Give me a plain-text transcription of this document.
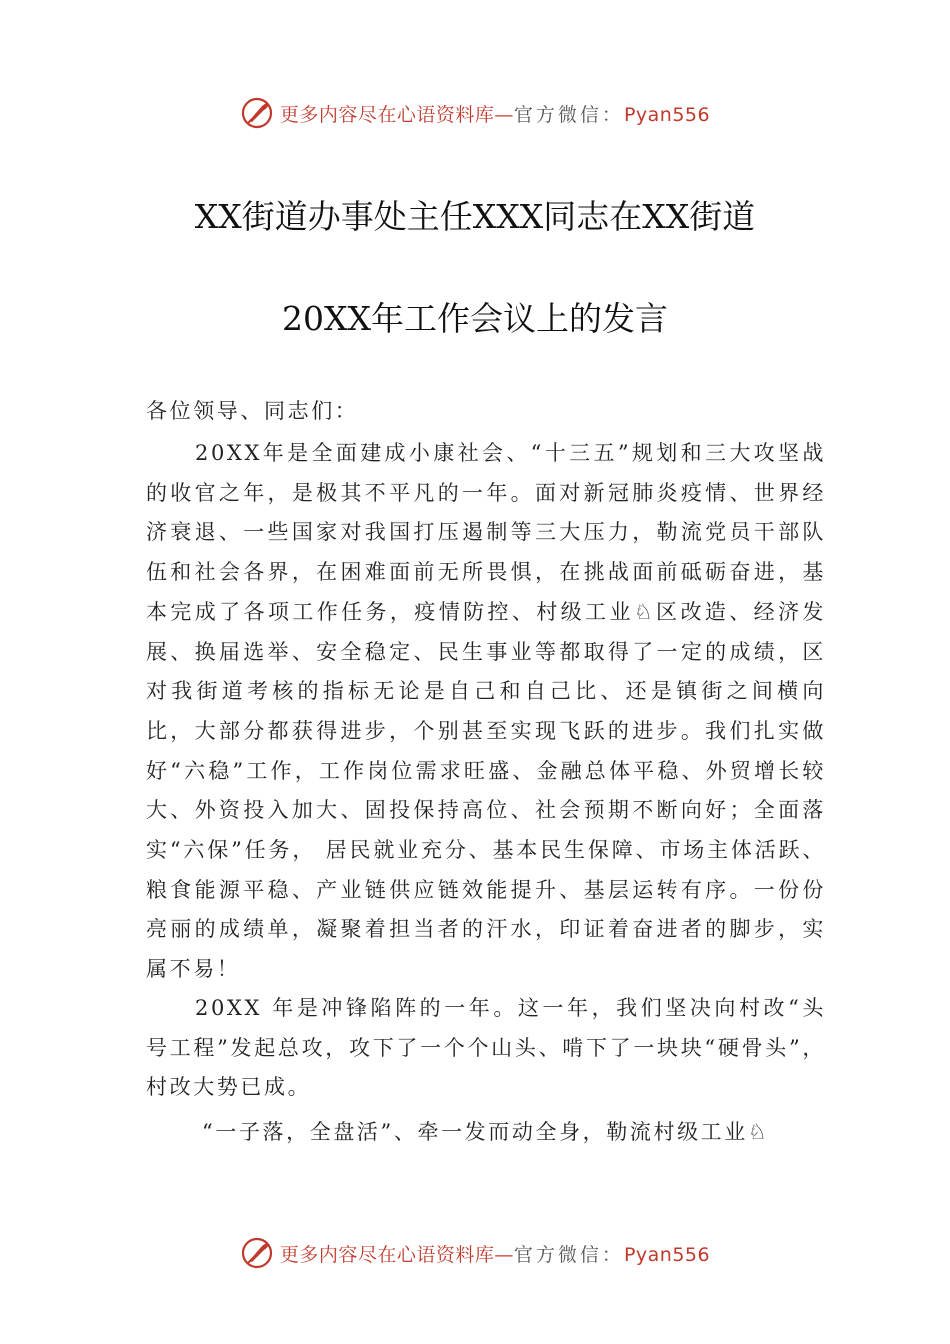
更多内容尽在心语资料库—官方微信：Pyan556
XX街道办事处主任XXX同志在XX街道
20XX年工作会议上的发言

各位领导、同志们：

20XX年是全面建成小康社会、“十三五”规划和三大攻坚战的收官之年，是极其不平凡的一年。面对新冠肺炎疫情、世界经济衰退、一些国家对我国打压遏制等三大压力，勒流党员干部队伍和社会各界，在困难面前无所畏惧，在挑战面前砥砺奋进，基本完成了各项工作任务，疫情防控、村级工业♘区改造、经济发展、换届选举、安全稳定、民生事业等都取得了一定的成绩，区对我街道考核的指标无论是自己和自己比、还是镇街之间横向比，大部分都获得进步，个别甚至实现飞跃的进步。我们扎实做好“六稳”工作，工作岗位需求旺盛、金融总体平稳、外贸增长较大、外资投入加大、固投保持高位、社会预期不断向好；全面落实“六保”任务， 居民就业充分、基本民生保障、市场主体活跃、粮食能源平稳、产业链供应链效能提升、基层运转有序。一份份亮丽的成绩单，凝聚着担当者的汗水，印证着奋进者的脚步，实属不易！

20XX 年是冲锋陷阵的一年。这一年，我们坚决向村改“头号工程”发起总攻，攻下了一个个山头、啃下了一块块“硬骨头”，村改大势已成。

“一子落，全盘活”、牵一发而动全身，勒流村级工业♘

更多内容尽在心语资料库—官方微信：Pyan556
